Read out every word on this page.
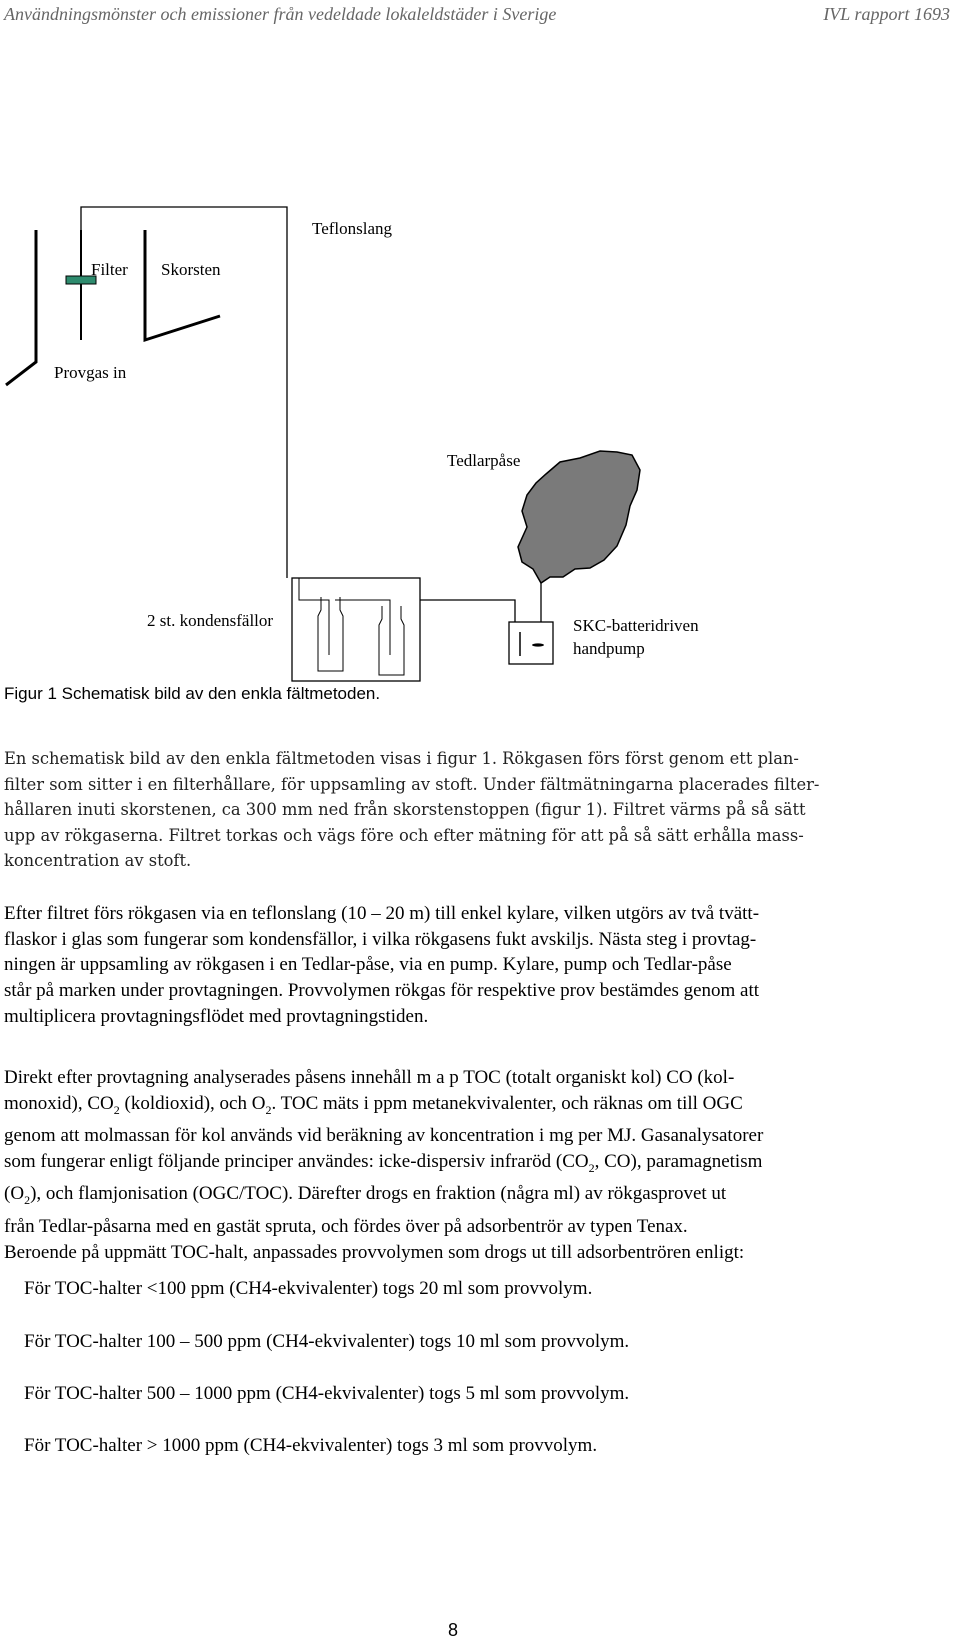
Användningsmönster och emissioner från vedeldade lokaleldstäder i Sverige	IVL rapport 1693
Teflonslang
Filter Skorsten
Provgas in
Tedlarpåse
2 st. kondensfällor	SKC-batteridriven
handpump
Figur 1 Schematisk bild av den enkla fältmetoden.
En schematisk bild av den enkla fältmetoden visas i figur 1. Rökgasen förs först genom ett plan-
filter som sitter i en filterhållare, för uppsamling av stoft. Under fältmätningarna placerades filter-
hållaren inuti skorstenen, ca 300 mm ned från skorstenstoppen (figur 1). Filtret värms på så sätt
upp av rökgaserna. Filtret torkas och vägs före och efter mätning för att på så sätt erhålla mass-
koncentration av stoft.
Efter filtret förs rökgasen via en teflonslang (10 – 20 m) till enkel kylare, vilken utgörs av två tvätt-
flaskor i glas som fungerar som kondensfällor, i vilka rökgasens fukt avskiljs. Nästa steg i provtag-
ningen är uppsamling av rökgasen i en Tedlar-påse, via en pump. Kylare, pump och Tedlar-påse
står på marken under provtagningen. Provvolymen rökgas för respektive prov bestämdes genom att
multiplicera provtagningsflödet med provtagningstiden.
Direkt efter provtagning analyserades påsens innehåll m a p TOC (totalt organiskt kol) CO (kol-
monoxid), $CO_2$ (koldioxid), och $O_2$. TOC mäts i ppm metanekvivalenter, och räknas om till OGC
genom att molmassan för kol används vid beräkning av koncentration i mg per MJ. Gasanalysatorer
som fungerar enligt följande principer användes: icke-dispersiv infraröd ($CO_2$, CO), paramagnetism
$(O_2)$, och flamjonisation (OGC/TOC). Därefter drogs en fraktion (några ml) av rökgasprovet ut
från Tedlar-påsarna med en gastät spruta, och fördes över på adsorbentrör av typen Tenax.
Beroende på uppmätt TOC-halt, anpassades provvolymen som drogs ut till adsorbentrören enligt:
För TOC-halter <100 ppm (CH4-ekvivalenter) togs 20 ml som provvolym.
För TOC-halter 100 – 500 ppm (CH4-ekvivalenter) togs 10 ml som provvolym.
För TOC-halter 500 – 1000 ppm (CH4-ekvivalenter) togs 5 ml som provvolym.
För TOC-halter > 1000 ppm (CH4-ekvivalenter) togs 3 ml som provvolym.
8
